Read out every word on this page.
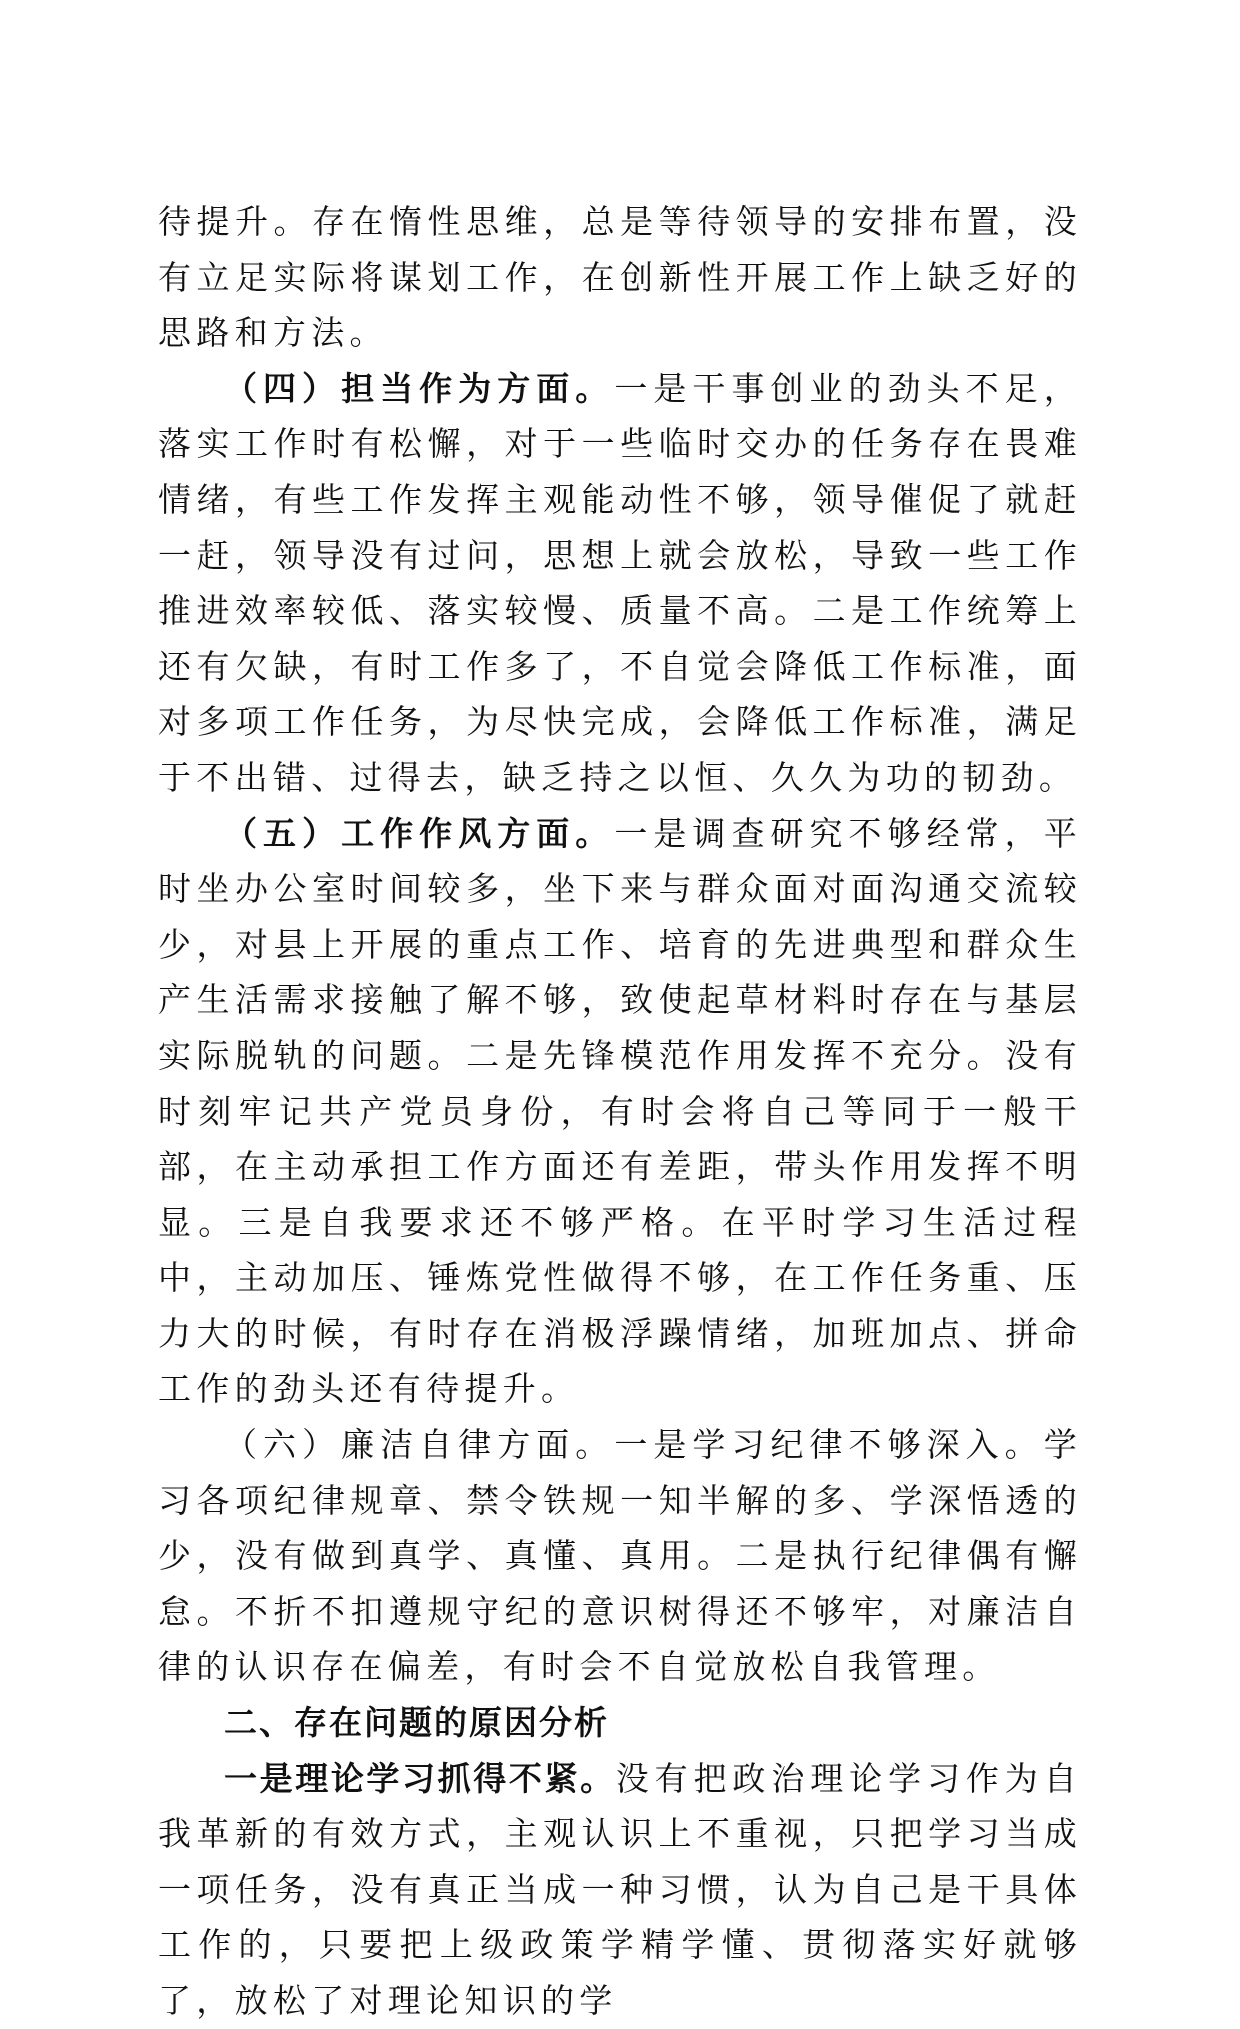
待提升。存在惰性思维，总是等待领导的安排布置，没有立足实际将谋划工作，在创新性开展工作上缺乏好的思路和方法。

（四）担当作为方面。一是干事创业的劲头不足，落实工作时有松懈，对于一些临时交办的任务存在畏难情绪，有些工作发挥主观能动性不够，领导催促了就赶一赶，领导没有过问，思想上就会放松，导致一些工作推进效率较低、落实较慢、质量不高。二是工作统筹上还有欠缺，有时工作多了，不自觉会降低工作标准，面对多项工作任务，为尽快完成，会降低工作标准，满足于不出错、过得去，缺乏持之以恒、久久为功的韧劲。

（五）工作作风方面。一是调查研究不够经常，平时坐办公室时间较多，坐下来与群众面对面沟通交流较少，对县上开展的重点工作、培育的先进典型和群众生产生活需求接触了解不够，致使起草材料时存在与基层实际脱轨的问题。二是先锋模范作用发挥不充分。没有时刻牢记共产党员身份，有时会将自己等同于一般干部，在主动承担工作方面还有差距，带头作用发挥不明显。三是自我要求还不够严格。在平时学习生活过程中，主动加压、锤炼党性做得不够，在工作任务重、压力大的时候，有时存在消极浮躁情绪，加班加点、拼命工作的劲头还有待提升。

（六）廉洁自律方面。一是学习纪律不够深入。学习各项纪律规章、禁令铁规一知半解的多、学深悟透的少，没有做到真学、真懂、真用。二是执行纪律偶有懈怠。不折不扣遵规守纪的意识树得还不够牢，对廉洁自律的认识存在偏差，有时会不自觉放松自我管理。

二、存在问题的原因分析

一是理论学习抓得不紧。没有把政治理论学习作为自我革新的有效方式，主观认识上不重视，只把学习当成一项任务，没有真正当成一种习惯，认为自己是干具体工作的，只要把上级政策学精学懂、贯彻落实好就够了，放松了对理论知识的学
